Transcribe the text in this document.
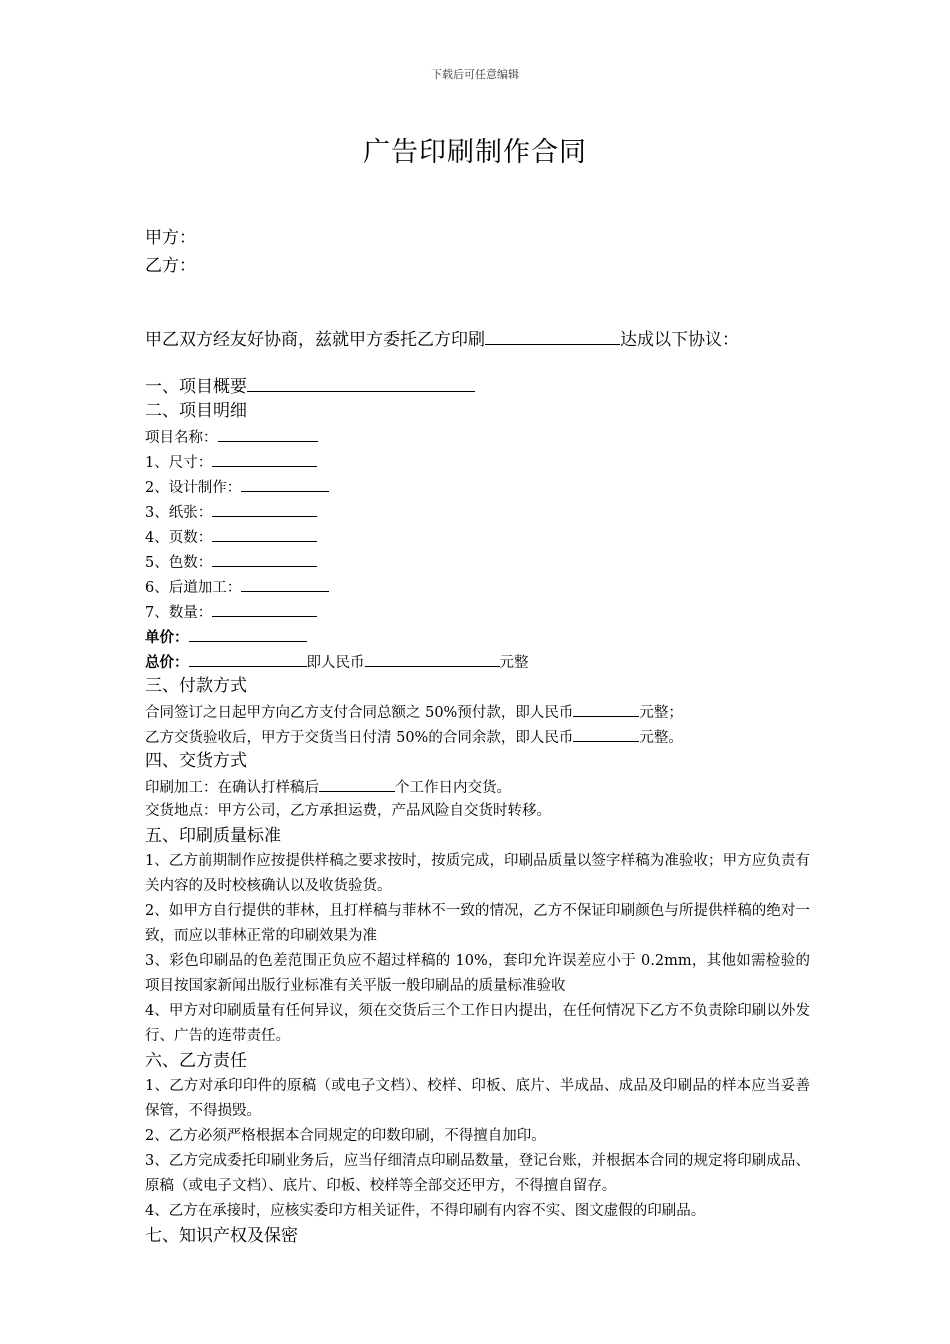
下载后可任意编辑
广告印刷制作合同
甲方：
乙方：
甲乙双方经友好协商，兹就甲方委托乙方印刷	达成以下协议：
一、项目概要
二、项目明细
项目名称：
1、尺寸：
2、设计制作：
3、纸张：
4、页数：
5、色数：
6、后道加工：
7、数量：
单价：
总价：	即人民币	元整
三、付款方式
合同签订之日起甲方向乙方支付合同总额之 50%预付款，即人民币	元整；
乙方交货验收后，甲方于交货当日付清 50%的合同余款，即人民币	元整。
四、交货方式
印刷加工：在确认打样稿后	个工作日内交货。
交货地点：甲方公司，乙方承担运费，产品风险自交货时转移。
五、印刷质量标准
1、乙方前期制作应按提供样稿之要求按时，按质完成，印刷品质量以签字样稿为准验收；甲方应负责有关内容的及时校核确认以及收货验货。
2、如甲方自行提供的菲林，且打样稿与菲林不一致的情况，乙方不保证印刷颜色与所提供样稿的绝对一致，而应以菲林正常的印刷效果为准
3、彩色印刷品的色差范围正负应不超过样稿的 10%，套印允许误差应小于 0.2mm，其他如需检验的项目按国家新闻出版行业标准有关平版一般印刷品的质量标准验收
4、甲方对印刷质量有任何异议，须在交货后三个工作日内提出，在任何情况下乙方不负责除印刷以外发行、广告的连带责任。
六、乙方责任
1、乙方对承印印件的原稿（或电子文档）、校样、印板、底片、半成品、成品及印刷品的样本应当妥善保管，不得损毁。
2、乙方必须严格根据本合同规定的印数印刷，不得擅自加印。
3、乙方完成委托印刷业务后，应当仔细清点印刷品数量，登记台账，并根据本合同的规定将印刷成品、原稿（或电子文档）、底片、印板、校样等全部交还甲方，不得擅自留存。
4、乙方在承接时，应核实委印方相关证件，不得印刷有内容不实、图文虚假的印刷品。
七、知识产权及保密
